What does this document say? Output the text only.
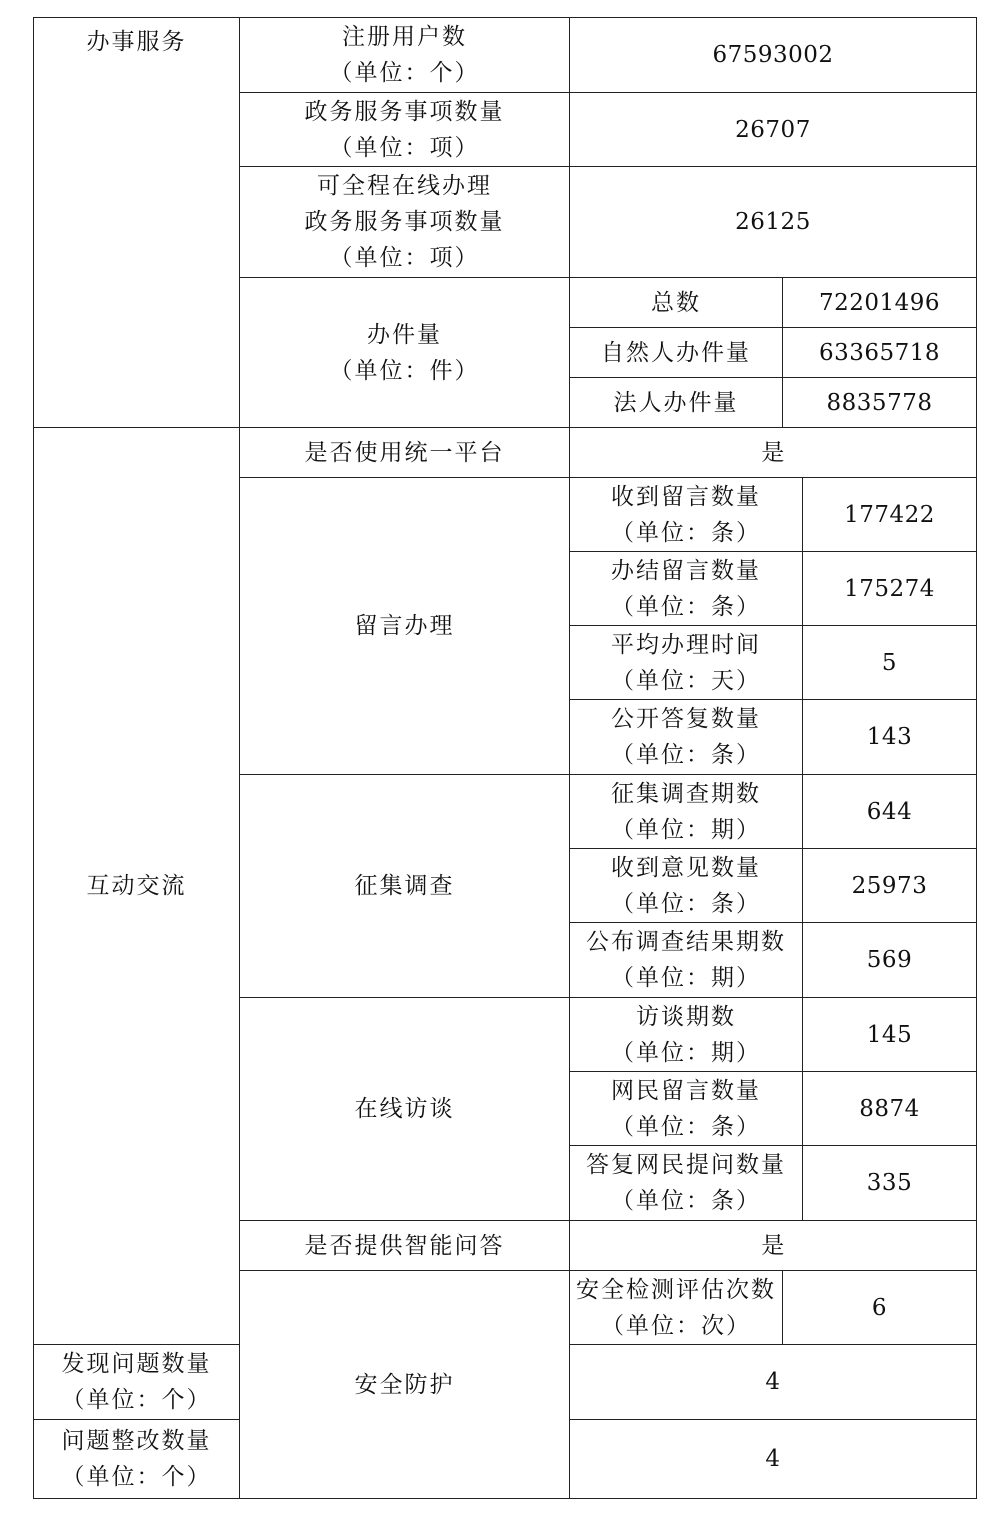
办事服务	注册用户数
（单位：个）	67593002		

	政务服务事项数量
（单位：项）	26707		

	可全程在线办理
政务服务事项数量
（单位：项）	26125		

	办件量
（单位：件）	总数	72201496	
		自然人办件量	63365718	
		法人办件量	8835778	
互动交流	是否使用统一平台	是		
	留言办理	收到留言数量
（单位：条）		177422

		办结留言数量
（单位：条）		175274

		平均办理时间
（单位：天）		5

		公开答复数量
（单位：条）		143
	征集调查	征集调查期数
（单位：期）		644

		收到意见数量
（单位：条）		25973

		公布调查结果期数
（单位：期）		569
	在线访谈	访谈期数
（单位：期）		145

		网民留言数量
（单位：条）		8874

		答复网民提问数量
（单位：条）		335
	是否提供智能问答	是		
	安全防护	安全检测评估次数
（单位：次）	6	

发现问题数量
（单位：个）		4		

问题整改数量
（单位：个）		4		
